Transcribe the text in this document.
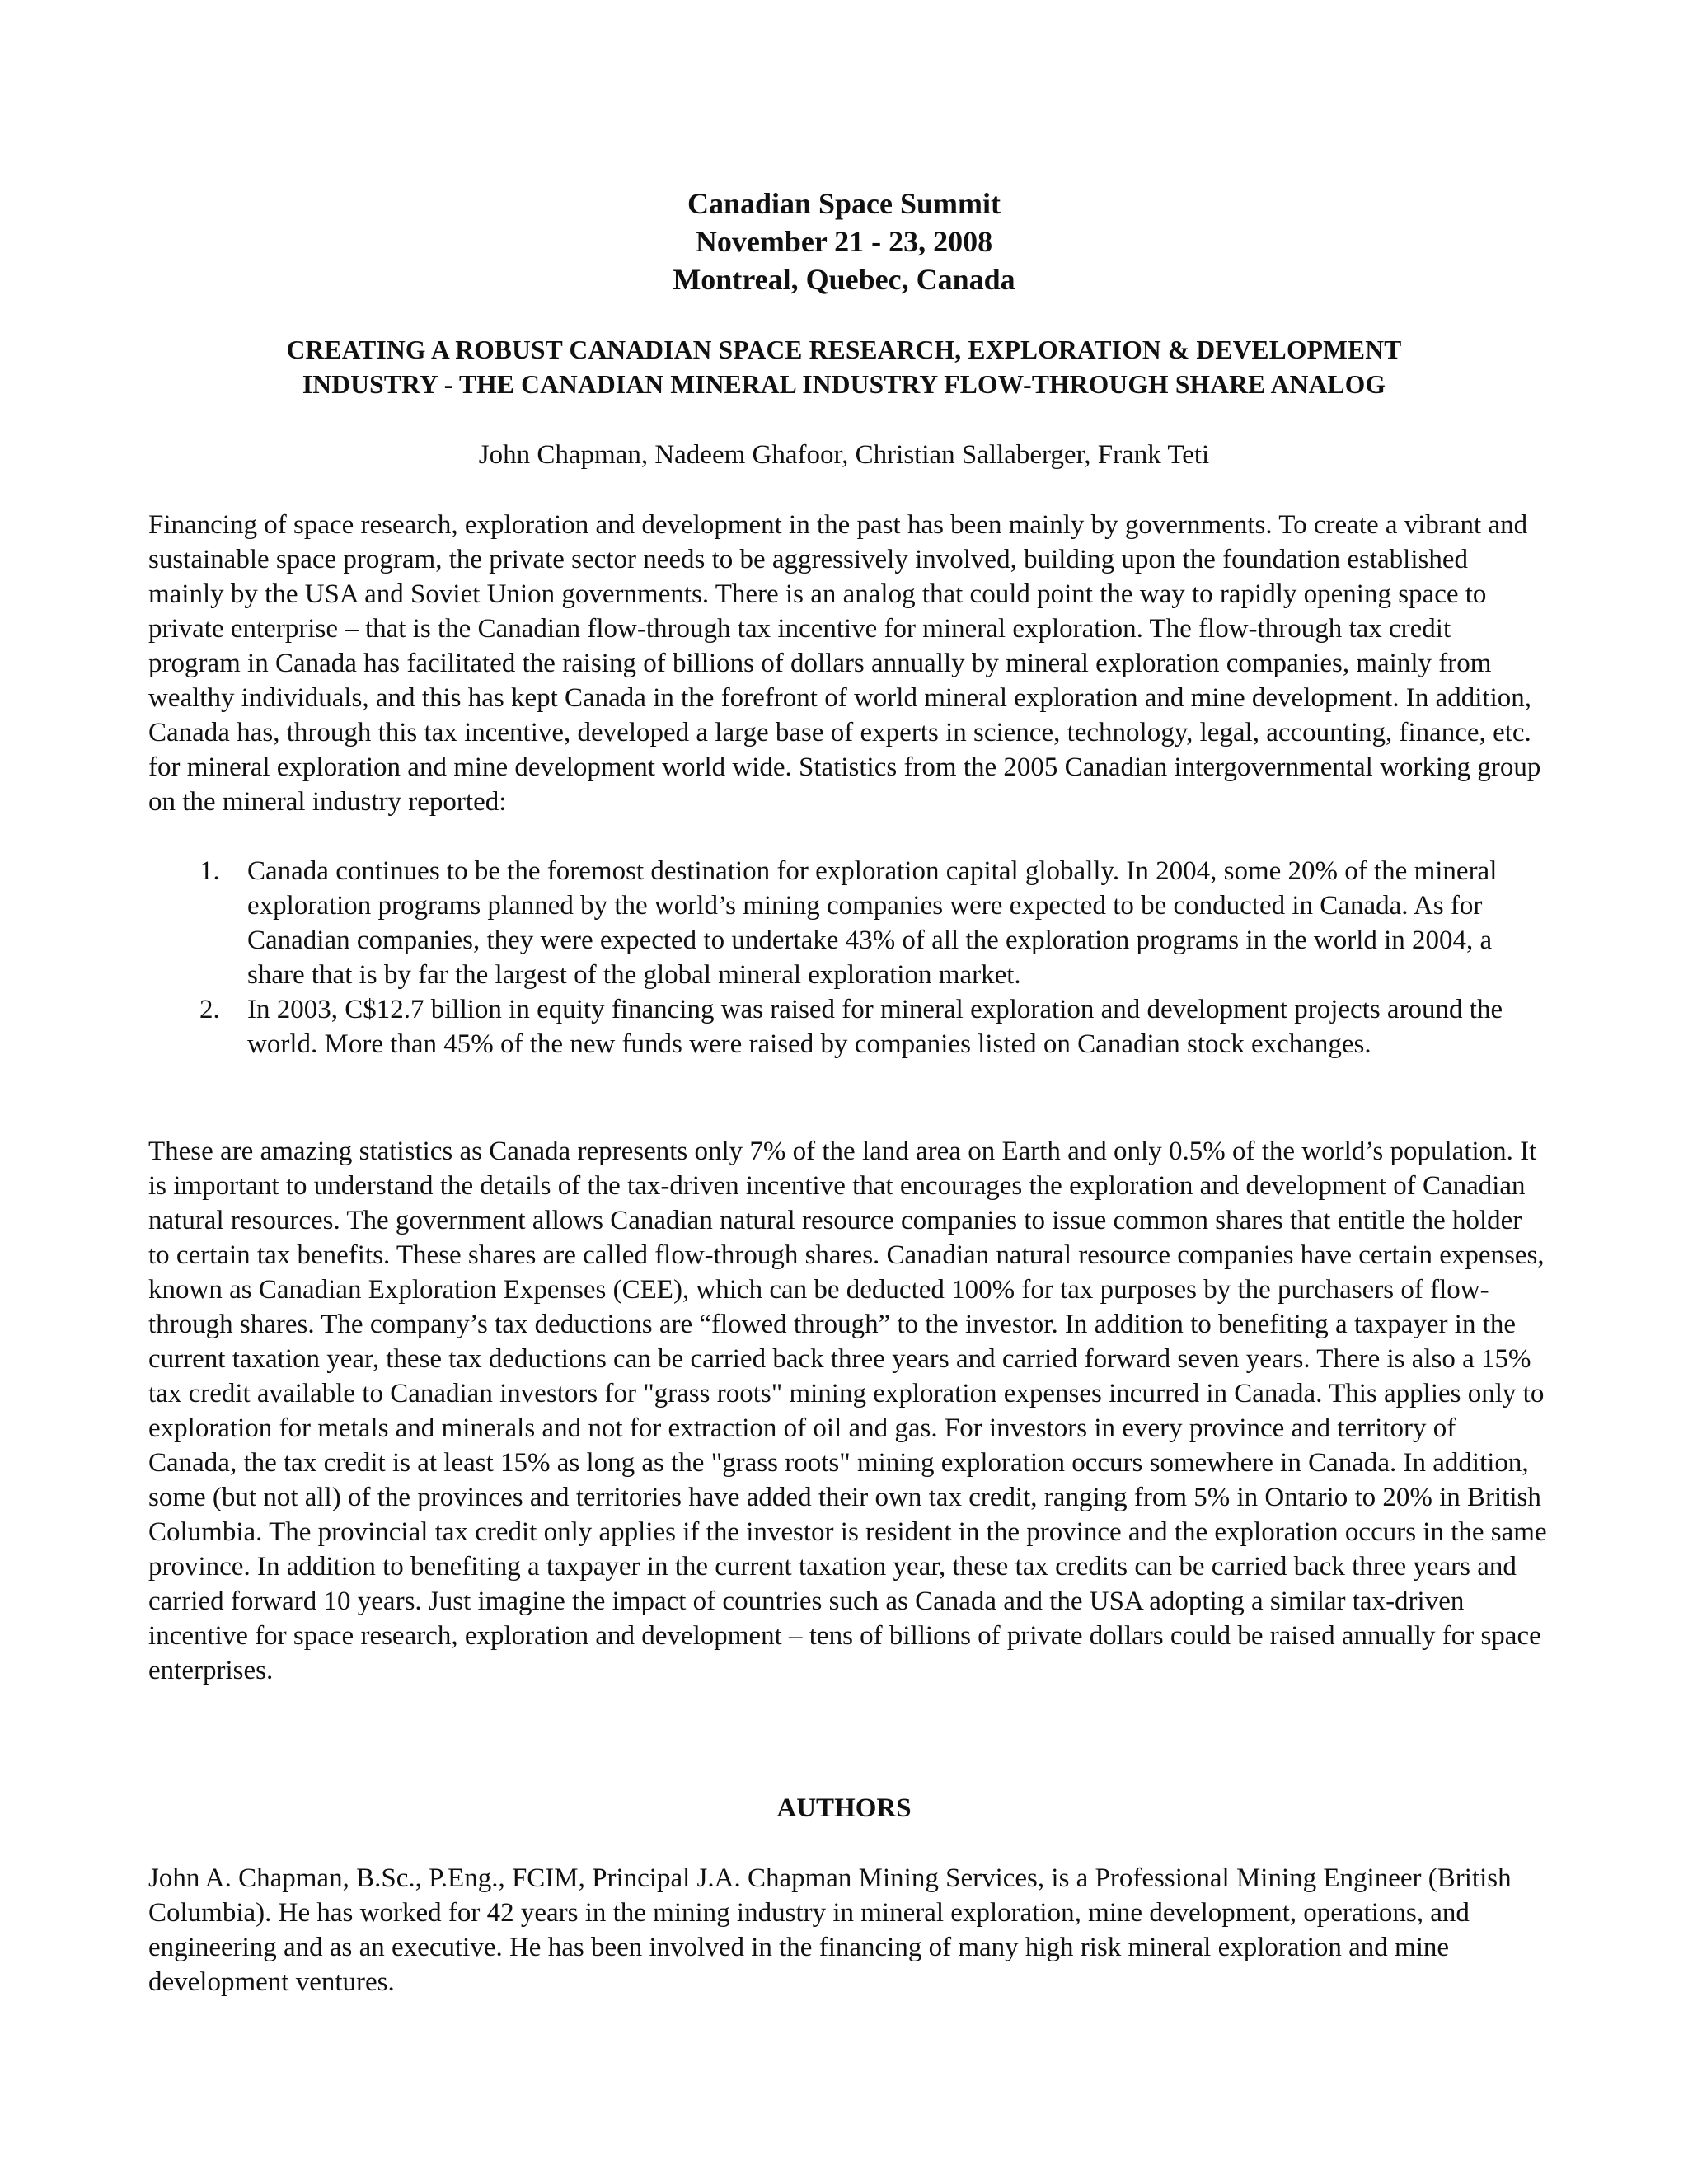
Canadian Space Summit
November 21 - 23, 2008
Montreal, Quebec, Canada
CREATING A ROBUST CANADIAN SPACE RESEARCH, EXPLORATION & DEVELOPMENT
INDUSTRY - THE CANADIAN MINERAL INDUSTRY FLOW-THROUGH SHARE ANALOG
John Chapman, Nadeem Ghafoor, Christian Sallaberger, Frank Teti
Financing of space research, exploration and development in the past has been mainly by governments. To create a vibrant and sustainable space program, the private sector needs to be aggressively involved, building upon the foundation established mainly by the USA and Soviet Union governments. There is an analog that could point the way to rapidly opening space to private enterprise – that is the Canadian flow-through tax incentive for mineral exploration. The flow-through tax credit program in Canada has facilitated the raising of billions of dollars annually by mineral exploration companies, mainly from wealthy individuals, and this has kept Canada in the forefront of world mineral exploration and mine development. In addition, Canada has, through this tax incentive, developed a large base of experts in science, technology, legal, accounting, finance, etc. for mineral exploration and mine development world wide. Statistics from the 2005 Canadian intergovernmental working group on the mineral industry reported:
1. Canada continues to be the foremost destination for exploration capital globally. In 2004, some 20% of the mineral exploration programs planned by the world’s mining companies were expected to be conducted in Canada. As for Canadian companies, they were expected to undertake 43% of all the exploration programs in the world in 2004, a share that is by far the largest of the global mineral exploration market.
2. In 2003, C$12.7 billion in equity financing was raised for mineral exploration and development projects around the world. More than 45% of the new funds were raised by companies listed on Canadian stock exchanges.
These are amazing statistics as Canada represents only 7% of the land area on Earth and only 0.5% of the world’s population. It is important to understand the details of the tax-driven incentive that encourages the exploration and development of Canadian natural resources. The government allows Canadian natural resource companies to issue common shares that entitle the holder to certain tax benefits. These shares are called flow-through shares. Canadian natural resource companies have certain expenses, known as Canadian Exploration Expenses (CEE), which can be deducted 100% for tax purposes by the purchasers of flow-through shares. The company’s tax deductions are “flowed through” to the investor. In addition to benefiting a taxpayer in the current taxation year, these tax deductions can be carried back three years and carried forward seven years. There is also a 15% tax credit available to Canadian investors for "grass roots" mining exploration expenses incurred in Canada. This applies only to exploration for metals and minerals and not for extraction of oil and gas. For investors in every province and territory of Canada, the tax credit is at least 15% as long as the "grass roots" mining exploration occurs somewhere in Canada. In addition, some (but not all) of the provinces and territories have added their own tax credit, ranging from 5% in Ontario to 20% in British Columbia. The provincial tax credit only applies if the investor is resident in the province and the exploration occurs in the same province. In addition to benefiting a taxpayer in the current taxation year, these tax credits can be carried back three years and carried forward 10 years. Just imagine the impact of countries such as Canada and the USA adopting a similar tax-driven incentive for space research, exploration and development – tens of billions of private dollars could be raised annually for space enterprises.
AUTHORS
John A. Chapman, B.Sc., P.Eng., FCIM, Principal J.A. Chapman Mining Services, is a Professional Mining Engineer (British Columbia). He has worked for 42 years in the mining industry in mineral exploration, mine development, operations, and engineering and as an executive. He has been involved in the financing of many high risk mineral exploration and mine development ventures.
